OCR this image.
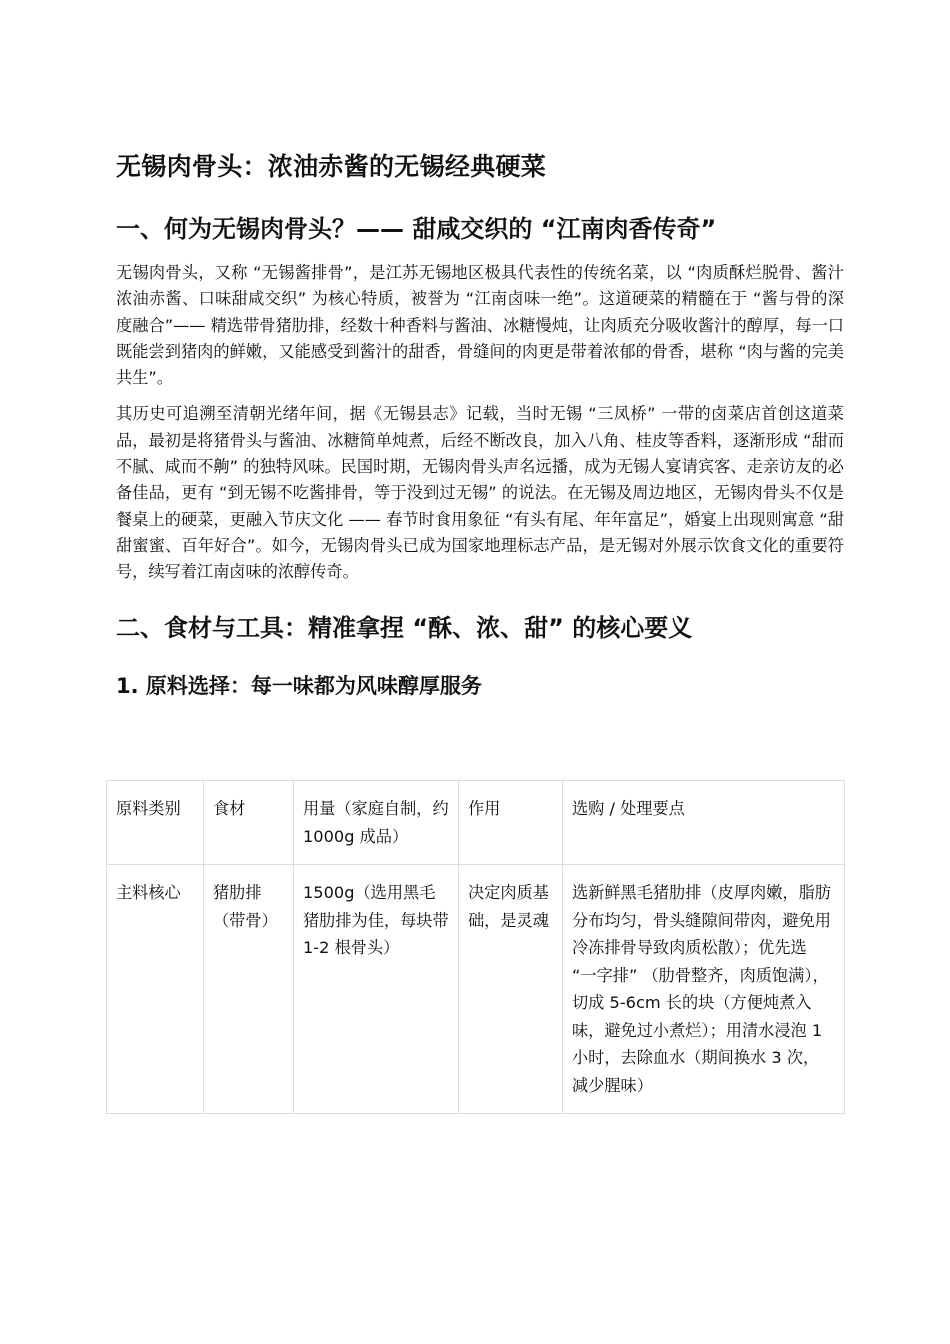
无锡肉骨头：浓油赤酱的无锡经典硬菜
一、何为无锡肉骨头？—— 甜咸交织的 “江南肉香传奇”

无锡肉骨头，又称 “无锡酱排骨”，是江苏无锡地区极具代表性的传统名菜，以 “肉质酥烂脱骨、酱汁浓油赤酱、口味甜咸交织” 为核心特质，被誉为 “江南卤味一绝”。这道硬菜的精髓在于 “酱与骨的深度融合”—— 精选带骨猪肋排，经数十种香料与酱油、冰糖慢炖，让肉质充分吸收酱汁的醇厚，每一口既能尝到猪肉的鲜嫩，又能感受到酱汁的甜香，骨缝间的肉更是带着浓郁的骨香，堪称 “肉与酱的完美共生”。

其历史可追溯至清朝光绪年间，据《无锡县志》记载，当时无锡 “三凤桥” 一带的卤菜店首创这道菜品，最初是将猪骨头与酱油、冰糖简单炖煮，后经不断改良，加入八角、桂皮等香料，逐渐形成 “甜而不腻、咸而不齁” 的独特风味。民国时期，无锡肉骨头声名远播，成为无锡人宴请宾客、走亲访友的必备佳品，更有 “到无锡不吃酱排骨，等于没到过无锡” 的说法。在无锡及周边地区，无锡肉骨头不仅是餐桌上的硬菜，更融入节庆文化 —— 春节时食用象征 “有头有尾、年年富足”，婚宴上出现则寓意 “甜甜蜜蜜、百年好合”。如今，无锡肉骨头已成为国家地理标志产品，是无锡对外展示饮食文化的重要符号，续写着江南卤味的浓醇传奇。

二、食材与工具：精准拿捏 “酥、浓、甜” 的核心要义
1. 原料选择：每一味都为风味醇厚服务
原料类别	食材	用量（家庭自制，约 1000g 成品）	作用	选购 / 处理要点
主料核心	猪肋排（带骨）	1500g（选用黑毛猪肋排为佳，每块带 1-2 根骨头）	决定肉质基础，是灵魂	选新鲜黑毛猪肋排（皮厚肉嫩，脂肪分布均匀，骨头缝隙间带肉，避免用冷冻排骨导致肉质松散）；优先选 “一字排” （肋骨整齐，肉质饱满），切成 5-6cm 长的块（方便炖煮入味，避免过小煮烂）；用清水浸泡 1 小时，去除血水（期间换水 3 次，减少腥味）
